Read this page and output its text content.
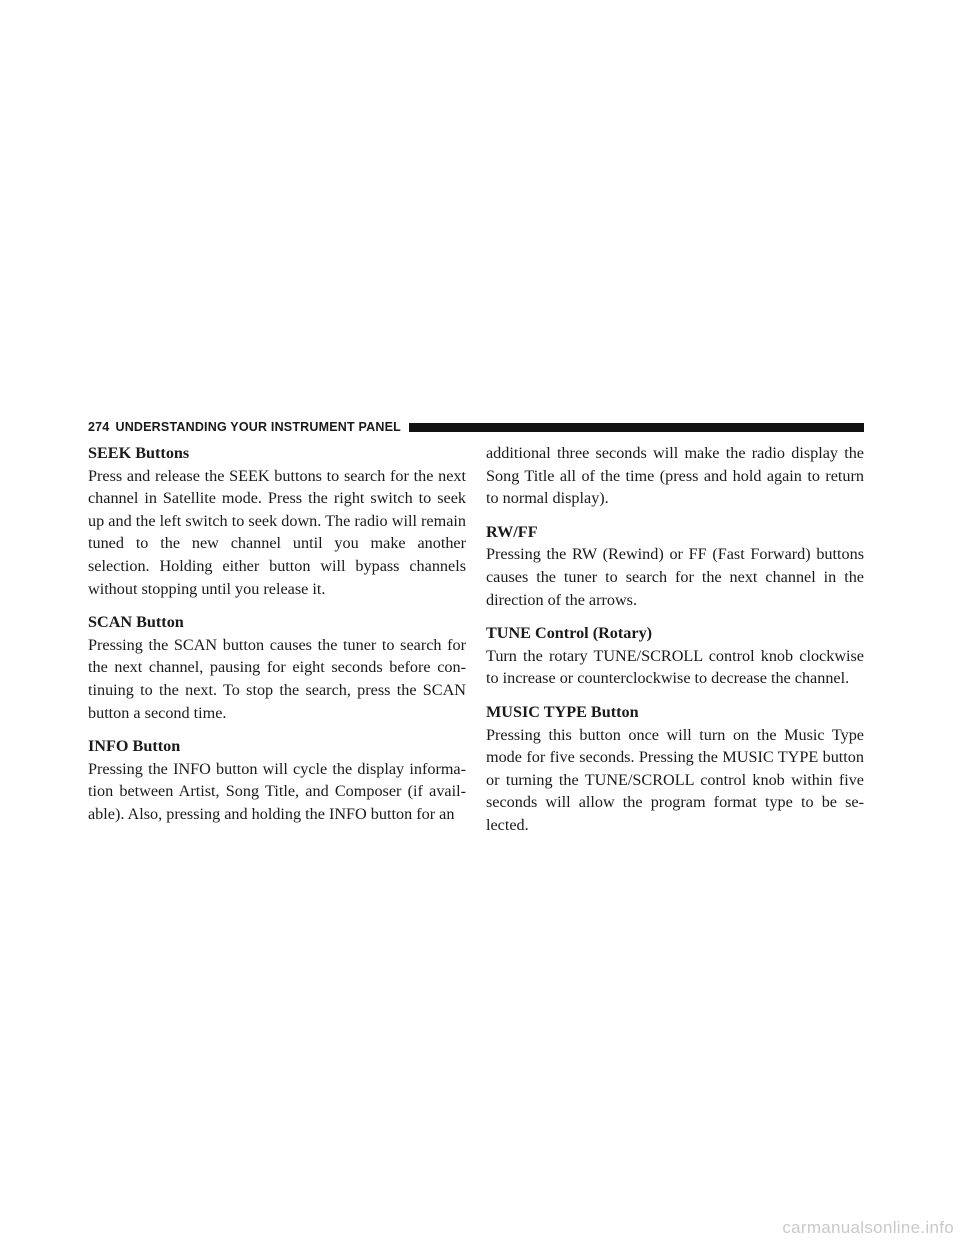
274 UNDERSTANDING YOUR INSTRUMENT PANEL

SEEK Buttons

Press and release the SEEK buttons to search for the next channel in Satellite mode. Press the right switch to seek up and the left switch to seek down. The radio will remain tuned to the new channel until you make another selection. Holding either button will bypass channels without stopping until you release it.

SCAN Button

Pressing the SCAN button causes the tuner to search for the next channel, pausing for eight seconds before continuing to the next. To stop the search, press the SCAN button a second time.

INFO Button

Pressing the INFO button will cycle the display information between Artist, Song Title, and Composer (if available). Also, pressing and holding the INFO button for an

additional three seconds will make the radio display the Song Title all of the time (press and hold again to return to normal display).

RW/FF

Pressing the RW (Rewind) or FF (Fast Forward) buttons causes the tuner to search for the next channel in the direction of the arrows.

TUNE Control (Rotary)

Turn the rotary TUNE/SCROLL control knob clockwise to increase or counterclockwise to decrease the channel.

MUSIC TYPE Button

Pressing this button once will turn on the Music Type mode for five seconds. Pressing the MUSIC TYPE button or turning the TUNE/SCROLL control knob within five seconds will allow the program format type to be selected.

carmanualsonline.info
